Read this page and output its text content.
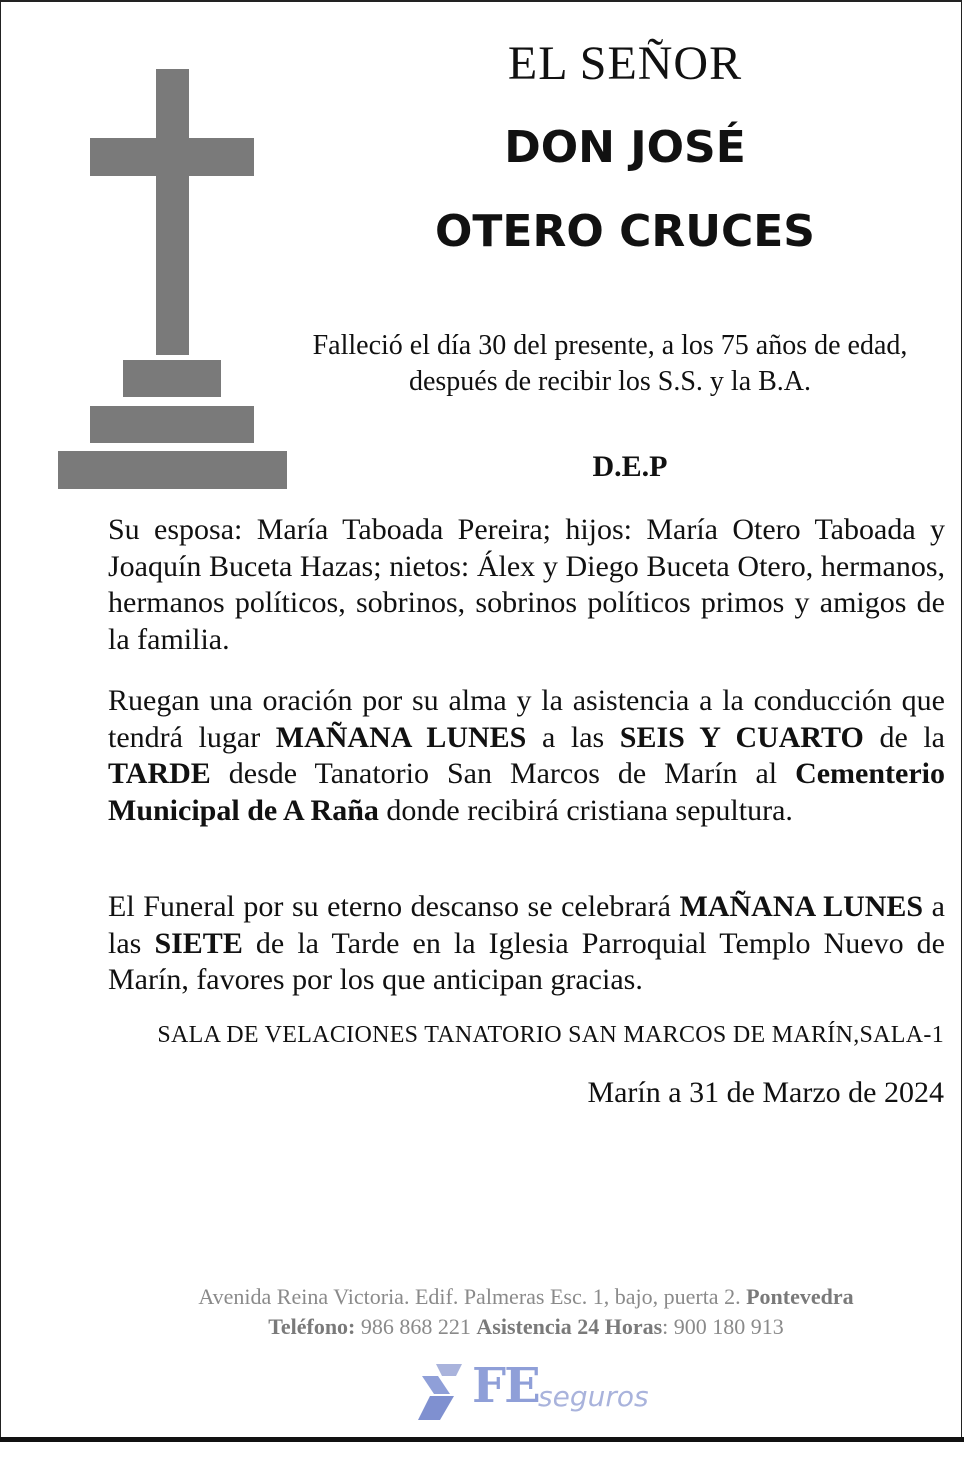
EL SEÑOR
DON JOSÉ
OTERO CRUCES
Falleció el día 30 del presente, a los 75 años de edad, después de recibir los S.S. y la B.A.
D.E.P
Su esposa: María Taboada Pereira; hijos: María Otero Taboada y Joaquín Buceta Hazas; nietos: Álex y Diego Buceta Otero, hermanos, hermanos políticos, sobrinos, sobrinos políticos primos y amigos de la familia.
Ruegan una oración por su alma y la asistencia a la conducción que tendrá lugar MAÑANA LUNES a las SEIS Y CUARTO de la TARDE desde Tanatorio San Marcos de Marín al Cementerio Municipal de A Raña donde recibirá cristiana sepultura.
El Funeral por su eterno descanso se celebrará MAÑANA LUNES a las SIETE de la Tarde en la Iglesia Parroquial Templo Nuevo de Marín, favores por los que anticipan gracias.
SALA DE VELACIONES TANATORIO SAN MARCOS DE MARÍN,SALA-1
Marín a 31 de Marzo de 2024
Avenida Reina Victoria. Edif. Palmeras Esc. 1, bajo, puerta 2. Pontevedra
Teléfono: 986 868 221 Asistencia 24 Horas: 900 180 913
FE seguros
